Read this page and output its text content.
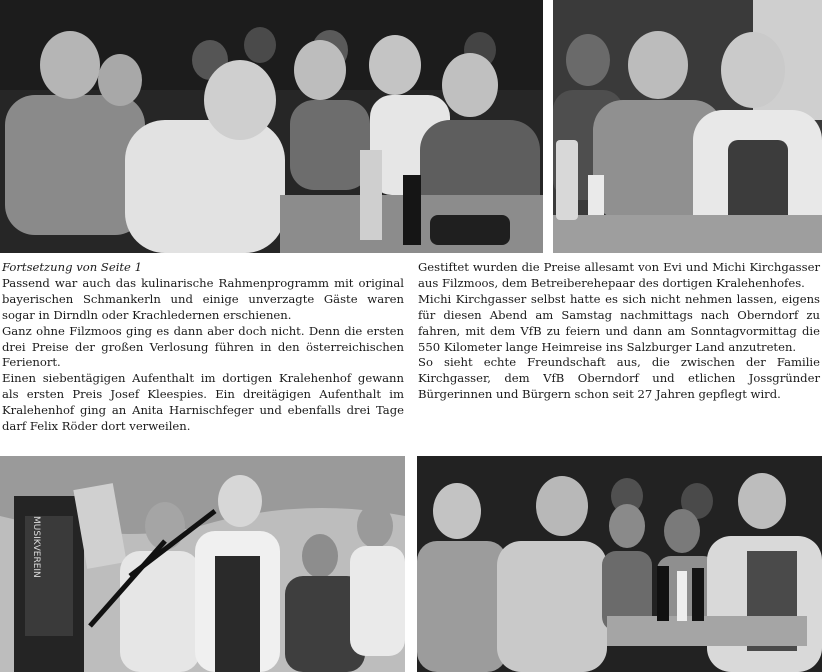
Fortsetzung von Seite 1

Passend war auch das kulinarische Rahmenprogramm mit original bayerischen Schmankerln und einige unverzagte Gäste waren sogar in Dirndln oder Krachledernen erschienen.

Ganz ohne Filzmoos ging es dann aber doch nicht. Denn die ersten drei Preise der großen Verlosung führen in den österreichischen Ferienort.

Einen siebentägigen Aufenthalt im dortigen Kralehenhof gewann als ersten Preis Josef Kleespies. Ein dreitägigen Aufenthalt im Kralehenhof ging an Anita Harnischfeger und ebenfalls drei Tage darf Felix Röder dort verweilen.

Gestiftet wurden die Preise allesamt von Evi und Michi Kirchgasser aus Filzmoos, dem Betreiberehepaar des dortigen Kralehenhofes.

Michi Kirchgasser selbst hatte es sich nicht nehmen lassen, eigens für diesen Abend am Samstag nachmittags nach Oberndorf zu fahren, mit dem VfB zu feiern und dann am Sonntagvormittag die 550 Kilometer lange Heimreise ins Salzburger Land anzutreten.

So sieht echte Freundschaft aus, die zwischen der Familie Kirchgasser, dem VfB Oberndorf und etlichen Jossgründer Bürgerinnen und Bürgern schon seit 27 Jahren gepflegt wird.

MUSIKVEREIN
